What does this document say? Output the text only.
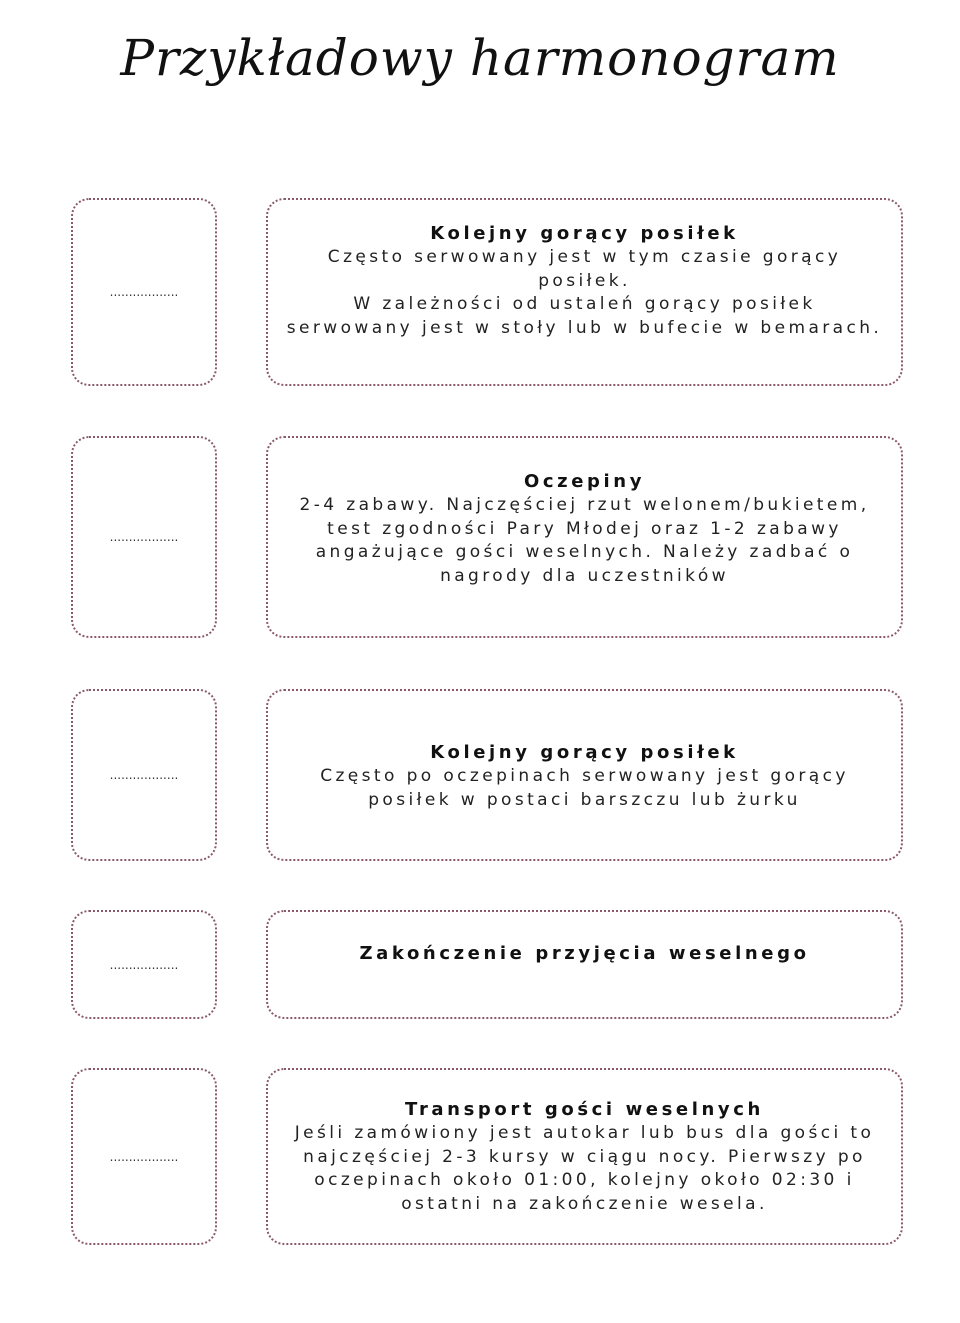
Przykładowy harmonogram
..................
Kolejny gorący posiłek
Często serwowany jest w tym czasie gorący posiłek.
W zależności od ustaleń gorący posiłek serwowany jest w stoły lub w bufecie w bemarach.
..................
Oczepiny
2-4 zabawy. Najczęściej rzut welonem/bukietem, test zgodności Pary Młodej oraz 1-2 zabawy angażujące gości weselnych. Należy zadbać o nagrody dla uczestników
..................
Kolejny gorący posiłek
Często po oczepinach serwowany jest gorący posiłek w postaci barszczu lub żurku
..................
Zakończenie przyjęcia weselnego
..................
Transport gości weselnych
Jeśli zamówiony jest autokar lub bus dla gości to najczęściej 2-3 kursy w ciągu nocy. Pierwszy po oczepinach około 01:00, kolejny około 02:30 i ostatni na zakończenie wesela.
